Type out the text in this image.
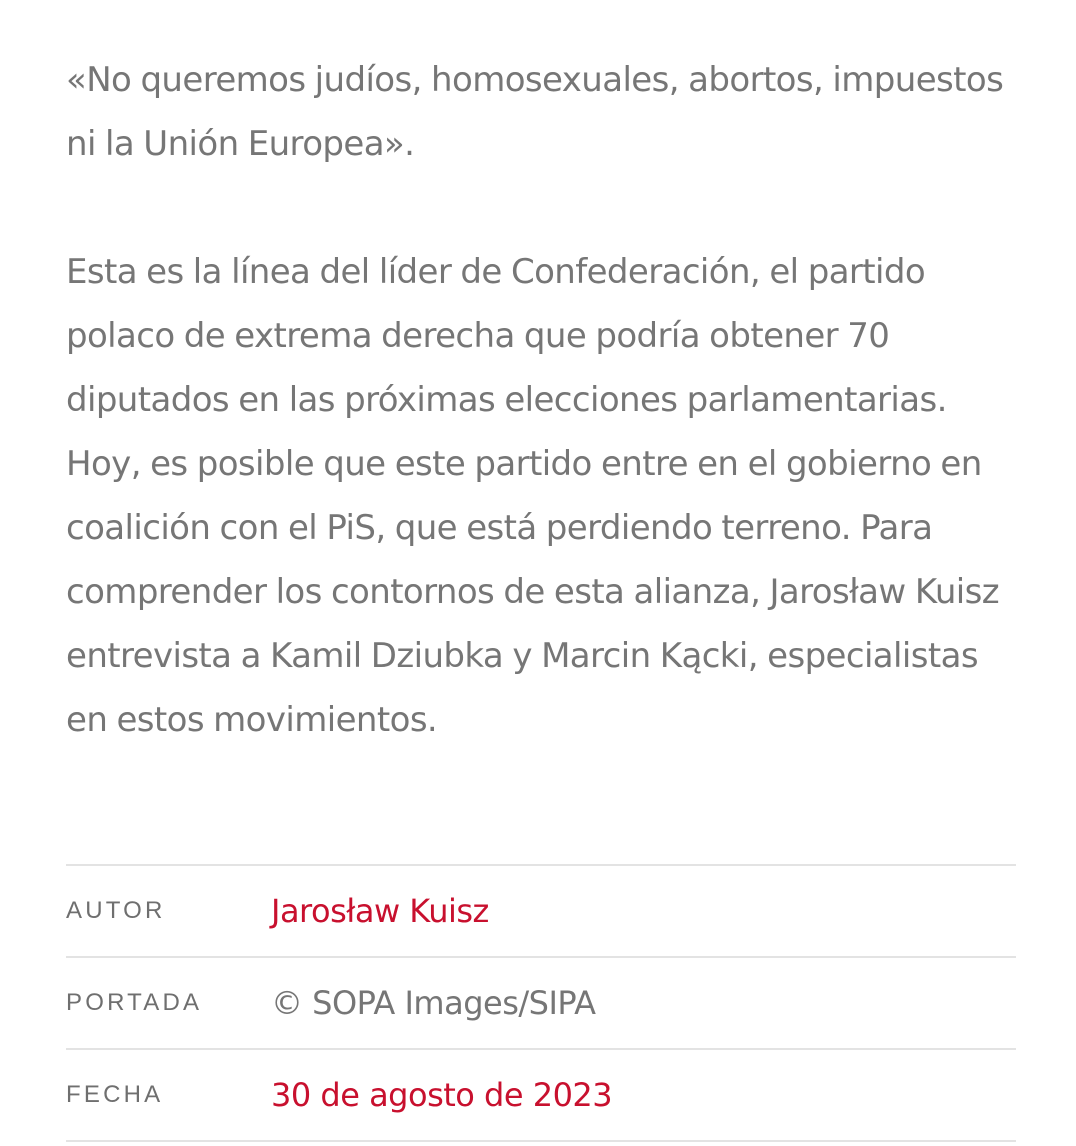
«No queremos judíos, homosexuales, abortos, impuestos ni la Unión Europea».

Esta es la línea del líder de Confederación, el partido polaco de extrema derecha que podría obtener 70 diputados en las próximas elecciones parlamentarias. Hoy, es posible que este partido entre en el gobierno en coalición con el PiS, que está perdiendo terreno. Para comprender los contornos de esta alianza, Jarosław Kuisz entrevista a Kamil Dziubka y Marcin Kącki, especialistas en estos movimientos.

AUTOR	Jarosław Kuisz
PORTADA	© SOPA Images/SIPA
FECHA	30 de agosto de 2023
